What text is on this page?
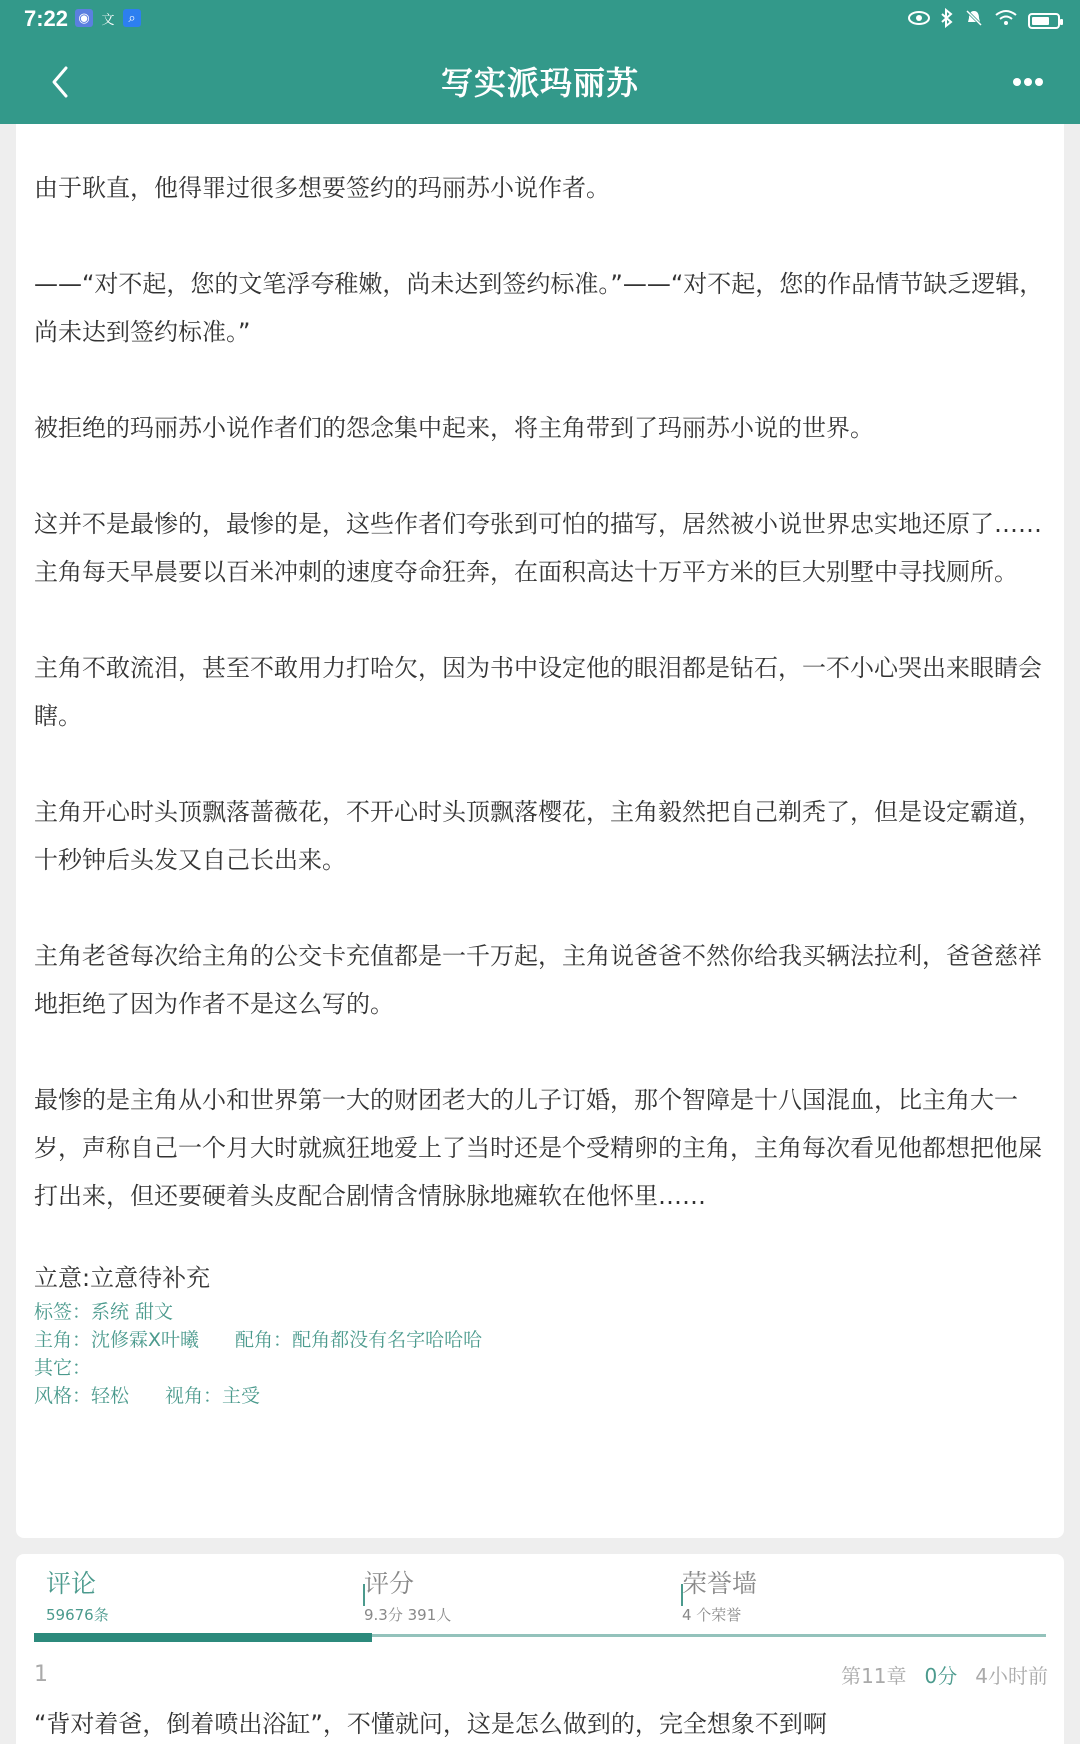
7:22 ◉ 文	⌕
写实派玛丽苏

由于耿直，他得罪过很多想要签约的玛丽苏小说作者。

——“对不起，您的文笔浮夸稚嫩，尚未达到签约标准。”——“对不起，您的作品情节缺乏逻辑，尚未达到签约标准。”

被拒绝的玛丽苏小说作者们的怨念集中起来，将主角带到了玛丽苏小说的世界。

这并不是最惨的，最惨的是，这些作者们夸张到可怕的描写，居然被小说世界忠实地还原了……

主角每天早晨要以百米冲刺的速度夺命狂奔，在面积高达十万平方米的巨大别墅中寻找厕所。

主角不敢流泪，甚至不敢用力打哈欠，因为书中设定他的眼泪都是钻石，一不小心哭出来眼睛会瞎。

主角开心时头顶飘落蔷薇花，不开心时头顶飘落樱花，主角毅然把自己剃秃了，但是设定霸道，十秒钟后头发又自己长出来。

主角老爸每次给主角的公交卡充值都是一千万起，主角说爸爸不然你给我买辆法拉利，爸爸慈祥地拒绝了因为作者不是这么写的。

最惨的是主角从小和世界第一大的财团老大的儿子订婚，那个智障是十八国混血，比主角大一岁，声称自己一个月大时就疯狂地爱上了当时还是个受精卵的主角，主角每次看见他都想把他屎打出来，但还要硬着头皮配合剧情含情脉脉地瘫软在他怀里……

立意:立意待补充
标签：系统 甜文
主角：沈修霖X叶曦 配角：配角都没有名字哈哈哈
其它：
风格：轻松 视角：主受
评论
59676条
评分
9.3分 391人
荣誉墙
4 个荣誉
1	第11章 0分 4小时前
“背对着爸，倒着喷出浴缸”，不懂就问，这是怎么做到的，完全想象不到啊
